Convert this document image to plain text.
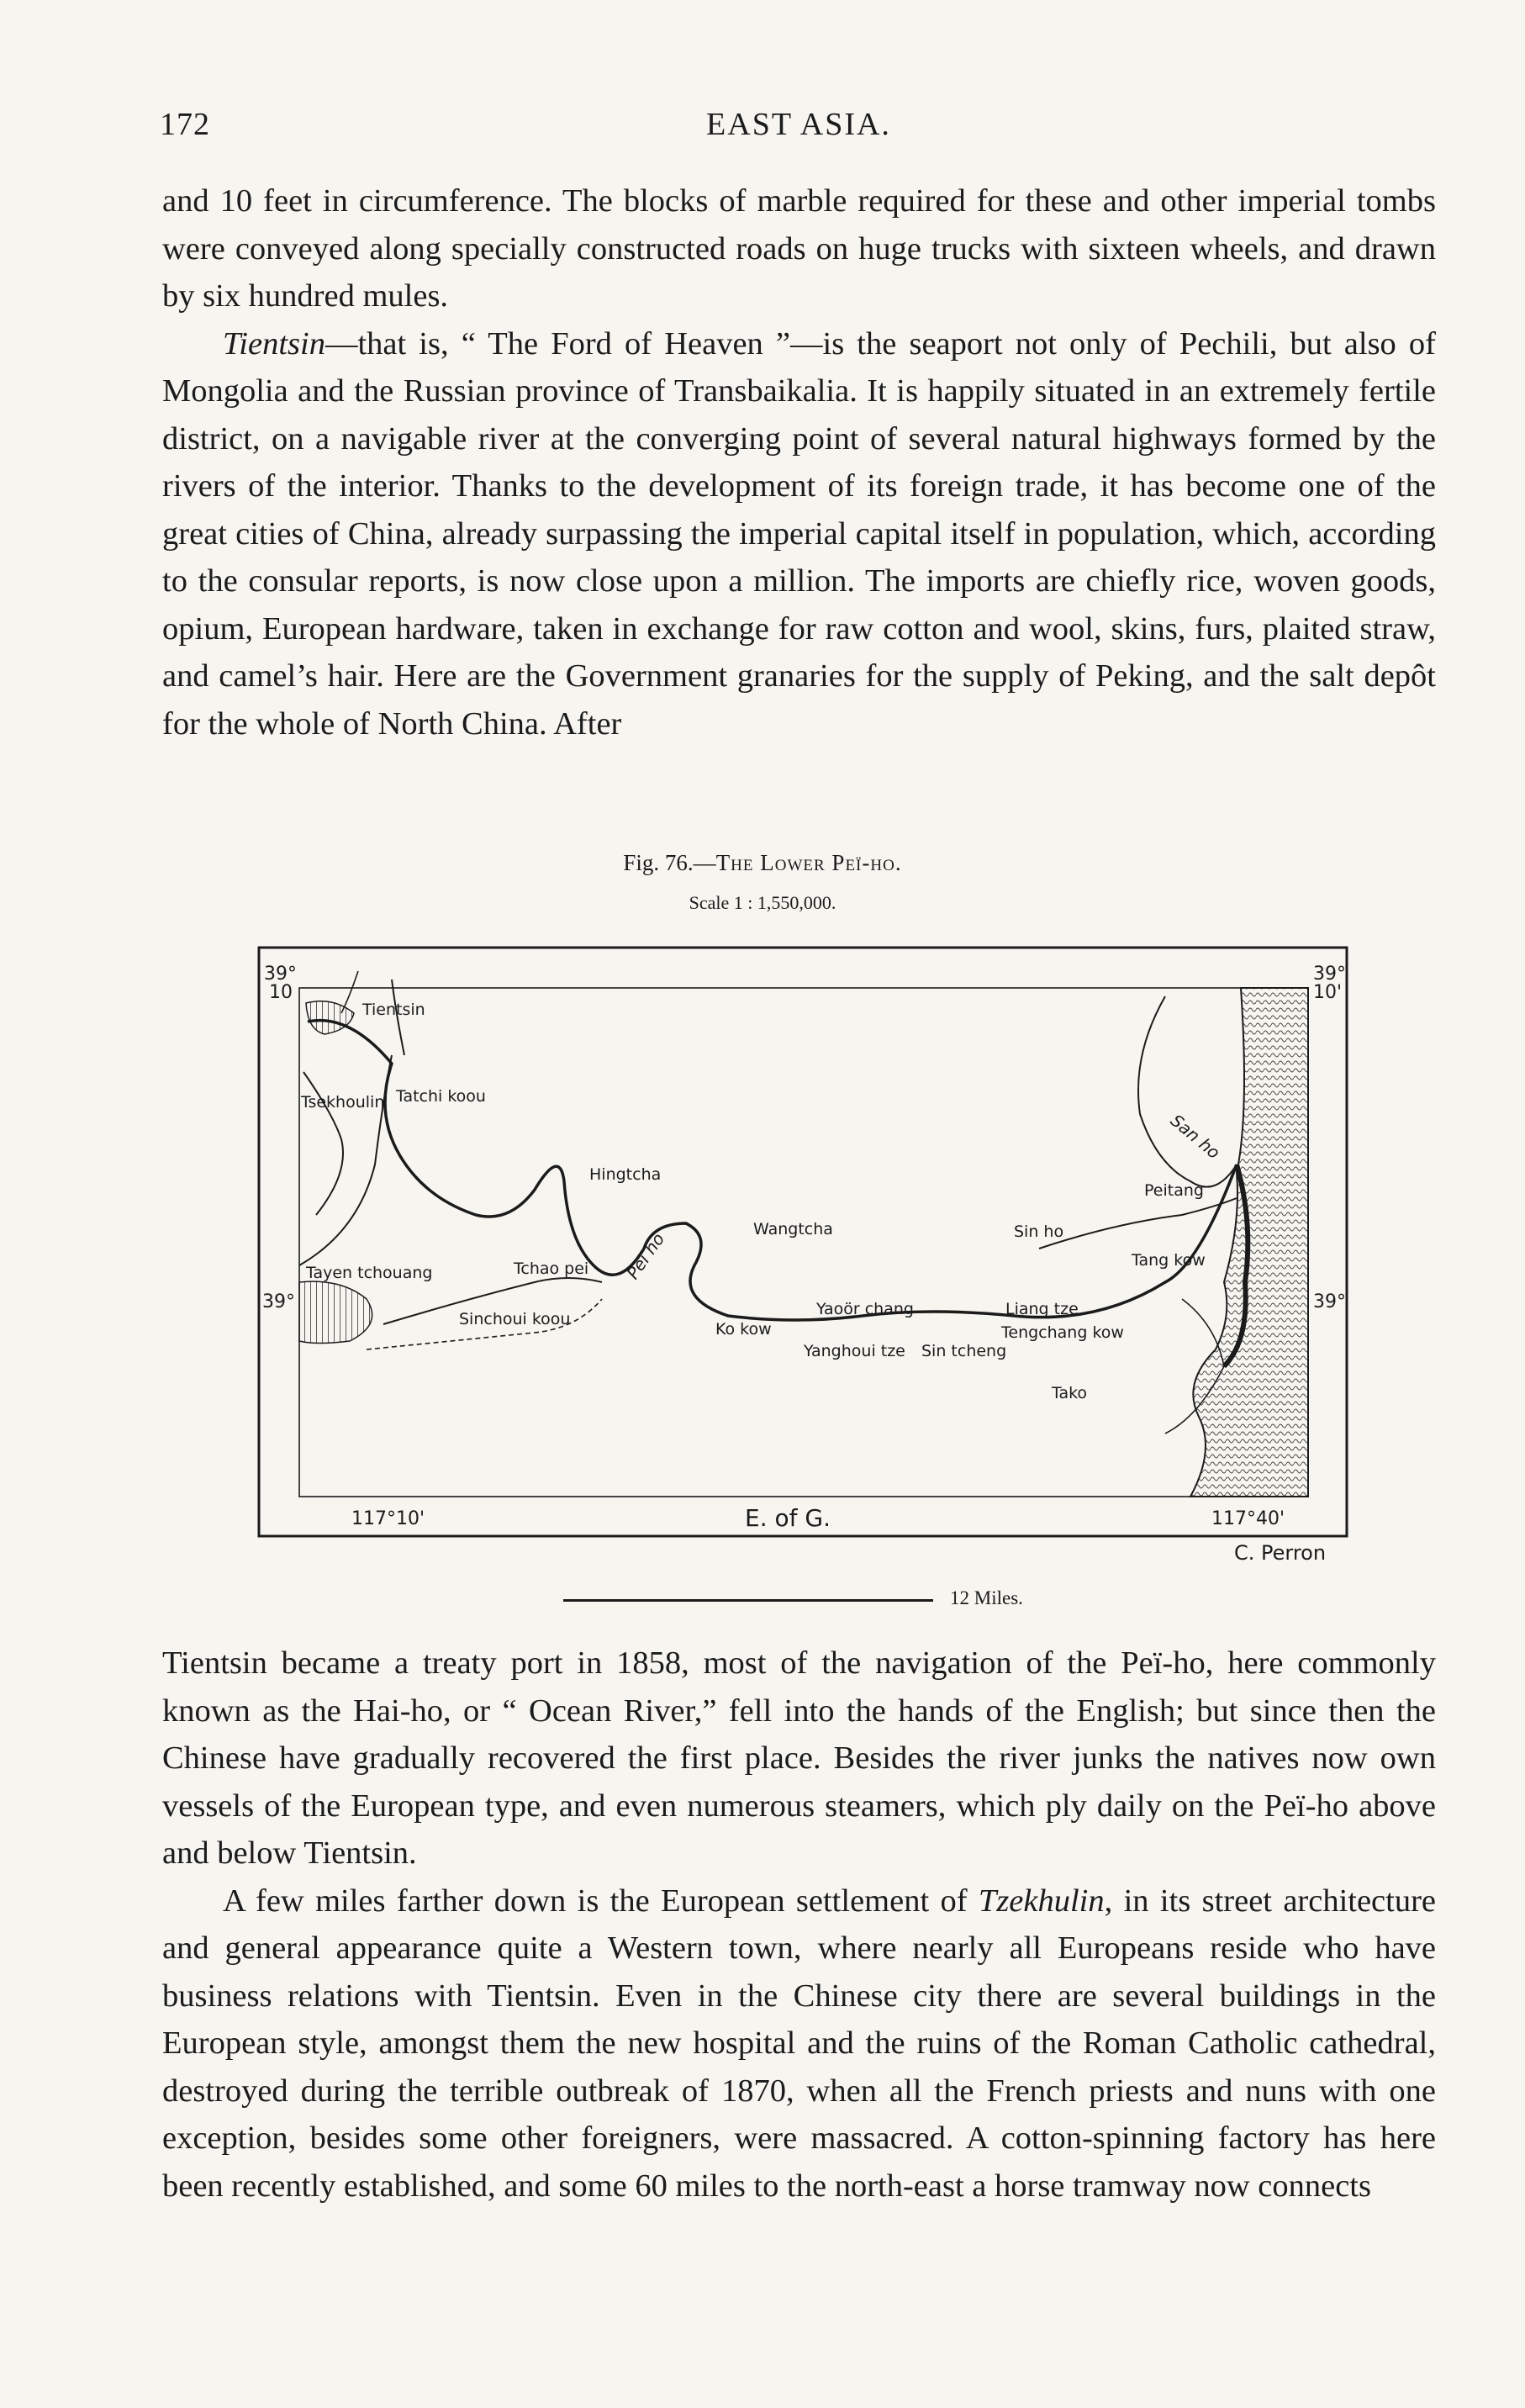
172	EAST ASIA.

and 10 feet in circumference. The blocks of marble required for these and other imperial tombs were conveyed along specially constructed roads on huge trucks with sixteen wheels, and drawn by six hundred mules.

Tientsin—that is, “ The Ford of Heaven ”—is the seaport not only of Pechili, but also of Mongolia and the Russian province of Transbaikalia. It is happily situated in an extremely fertile district, on a navigable river at the converging point of several natural highways formed by the rivers of the interior. Thanks to the development of its foreign trade, it has become one of the great cities of China, already surpassing the imperial capital itself in population, which, according to the consular reports, is now close upon a million. The imports are chiefly rice, woven goods, opium, European hardware, taken in exchange for raw cotton and wool, skins, furs, plaited straw, and camel’s hair. Here are the Government granaries for the supply of Peking, and the salt depôt for the whole of North China. After

Fig. 76.—The Lower Peï-ho.
Scale 1 : 1,550,000.
39°
10
39°
10'
39°	39°
117°10'	E. of G.	117°40'
Tientsin
Tsekhoulin Tatchi koou
Hingtcha
Wangtcha	Sin ho
Peitang
Tang kow
San ho
Tayen tchouang	Tchao pei Peï ho
Sinchoui koou
Ko kow
Yaoör chang	Liang tze
Tengchang kow
Yanghoui tze Sin tcheng
Tako
C. Perron
12 Miles.

Tientsin became a treaty port in 1858, most of the navigation of the Peï-ho, here commonly known as the Hai-ho, or “ Ocean River,” fell into the hands of the English; but since then the Chinese have gradually recovered the first place. Besides the river junks the natives now own vessels of the European type, and even numerous steamers, which ply daily on the Peï-ho above and below Tientsin.

A few miles farther down is the European settlement of Tzekhulin, in its street architecture and general appearance quite a Western town, where nearly all Europeans reside who have business relations with Tientsin. Even in the Chinese city there are several buildings in the European style, amongst them the new hospital and the ruins of the Roman Catholic cathedral, destroyed during the terrible outbreak of 1870, when all the French priests and nuns with one exception, besides some other foreigners, were massacred. A cotton-spinning factory has here been recently established, and some 60 miles to the north-east a horse tramway now connects
